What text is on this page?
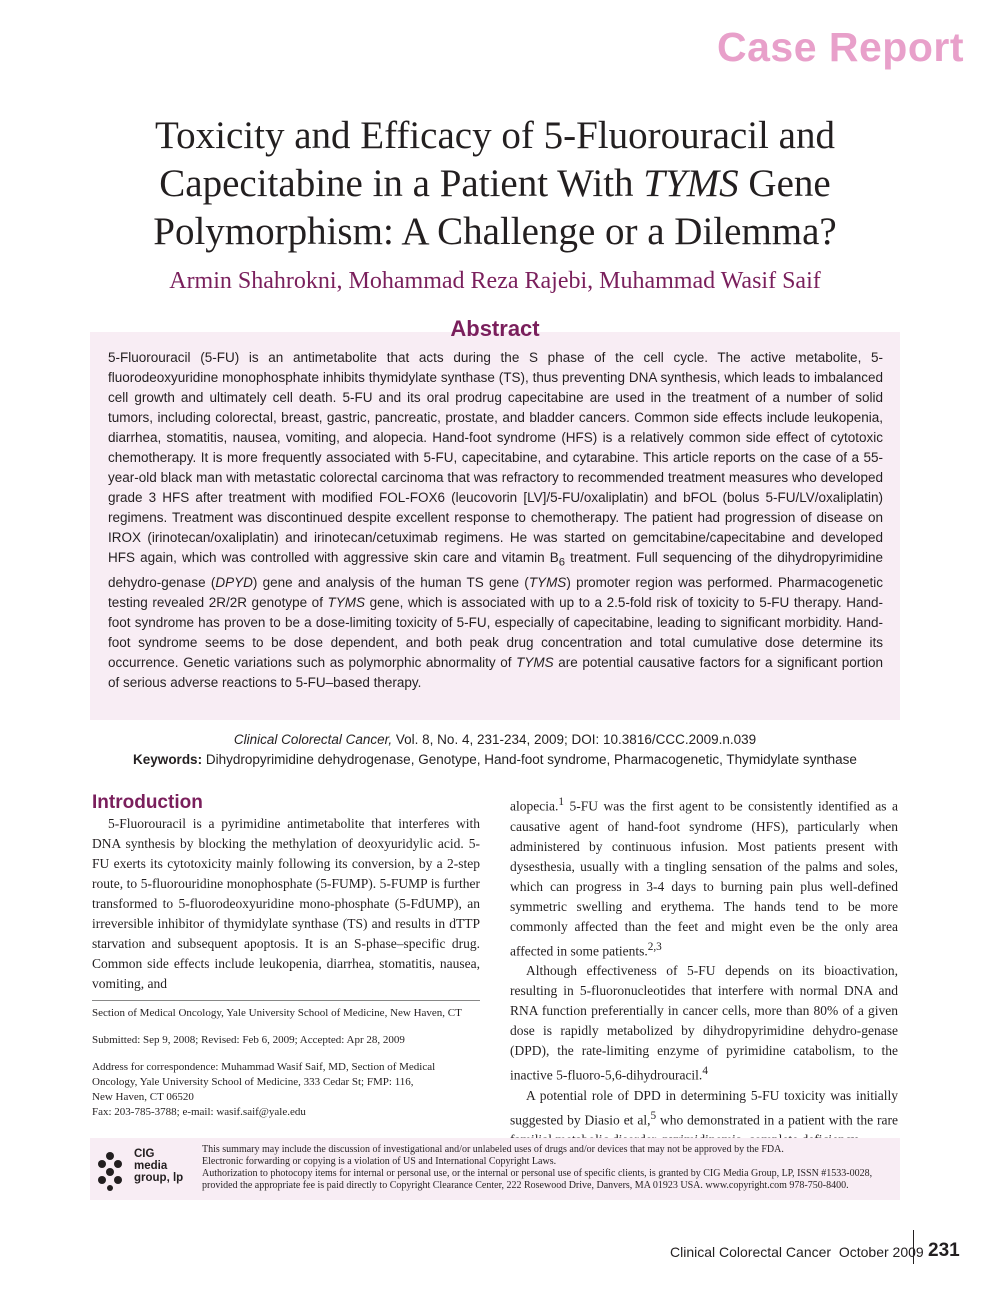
Case Report
Toxicity and Efficacy of 5-Fluorouracil and Capecitabine in a Patient With TYMS Gene Polymorphism: A Challenge or a Dilemma?
Armin Shahrokni, Mohammad Reza Rajebi, Muhammad Wasif Saif
Abstract
5-Fluorouracil (5-FU) is an antimetabolite that acts during the S phase of the cell cycle. The active metabolite, 5-fluorodeoxyuridine monophosphate inhibits thymidylate synthase (TS), thus preventing DNA synthesis, which leads to imbalanced cell growth and ultimately cell death. 5-FU and its oral prodrug capecitabine are used in the treatment of a number of solid tumors, including colorectal, breast, gastric, pancreatic, prostate, and bladder cancers. Common side effects include leukopenia, diarrhea, stomatitis, nausea, vomiting, and alopecia. Hand-foot syndrome (HFS) is a relatively common side effect of cytotoxic chemotherapy. It is more frequently associated with 5-FU, capecitabine, and cytarabine. This article reports on the case of a 55-year-old black man with metastatic colorectal carcinoma that was refractory to recommended treatment measures who developed grade 3 HFS after treatment with modified FOL-FOX6 (leucovorin [LV]/5-FU/oxaliplatin) and bFOL (bolus 5-FU/LV/oxaliplatin) regimens. Treatment was discontinued despite excellent response to chemotherapy. The patient had progression of disease on IROX (irinotecan/oxaliplatin) and irinotecan/cetuximab regimens. He was started on gemcitabine/capecitabine and developed HFS again, which was controlled with aggressive skin care and vitamin $B_6$ treatment. Full sequencing of the dihydropyrimidine dehydro-genase (DPYD) gene and analysis of the human TS gene (TYMS) promoter region was performed. Pharmacogenetic testing revealed 2R/2R genotype of TYMS gene, which is associated with up to a 2.5-fold risk of toxicity to 5-FU therapy. Hand-foot syndrome has proven to be a dose-limiting toxicity of 5-FU, especially of capecitabine, leading to significant morbidity. Hand-foot syndrome seems to be dose dependent, and both peak drug concentration and total cumulative dose determine its occurrence. Genetic variations such as polymorphic abnormality of TYMS are potential causative factors for a significant portion of serious adverse reactions to 5-FU–based therapy.
Clinical Colorectal Cancer, Vol. 8, No. 4, 231-234, 2009; DOI: 10.3816/CCC.2009.n.039
Keywords: Dihydropyrimidine dehydrogenase, Genotype, Hand-foot syndrome, Pharmacogenetic, Thymidylate synthase
Introduction

5-Fluorouracil is a pyrimidine antimetabolite that interferes with DNA synthesis by blocking the methylation of deoxyuridylic acid. 5-FU exerts its cytotoxicity mainly following its conversion, by a 2-step route, to 5-fluorouridine monophosphate (5-FUMP). 5-FUMP is further transformed to 5-fluorodeoxyuridine mono-phosphate (5-FdUMP), an irreversible inhibitor of thymidylate synthase (TS) and results in dTTP starvation and subsequent apoptosis. It is an S-phase–specific drug. Common side effects include leukopenia, diarrhea, stomatitis, nausea, vomiting, and

Section of Medical Oncology, Yale University School of Medicine, New Haven, CT
Submitted: Sep 9, 2008; Revised: Feb 6, 2009; Accepted: Apr 28, 2009
Address for correspondence: Muhammad Wasif Saif, MD, Section of Medical
Oncology, Yale University School of Medicine, 333 Cedar St; FMP: 116,
New Haven, CT 06520
Fax: 203-785-3788; e-mail: wasif.saif@yale.edu

alopecia.$^1$ 5-FU was the first agent to be consistently identified as a causative agent of hand-foot syndrome (HFS), particularly when administered by continuous infusion. Most patients present with dysesthesia, usually with a tingling sensation of the palms and soles, which can progress in 3-4 days to burning pain plus well-defined symmetric swelling and erythema. The hands tend to be more commonly affected than the feet and might even be the only area affected in some patients.$^{2,3}$

Although effectiveness of 5-FU depends on its bioactivation, resulting in 5-fluoronucleotides that interfere with normal DNA and RNA function preferentially in cancer cells, more than 80% of a given dose is rapidly metabolized by dihydropyrimidine dehydro-genase (DPD), the rate-limiting enzyme of pyrimidine catabolism, to the inactive 5-fluoro-5,6-dihydrouracil.$^4$

A potential role of DPD in determining 5-FU toxicity was initially suggested by Diasio et al,$^5$ who demonstrated in a patient with the rare

CIG
media
group, lp
This summary may include the discussion of investigational and/or unlabeled uses of drugs and/or devices that may not be approved by the FDA.
Electronic forwarding or copying is a violation of US and International Copyright Laws.
Authorization to photocopy items for internal or personal use, or the internal or personal use of specific clients, is granted by CIG Media Group, LP, ISSN #1533-0028, provided the appropriate fee is paid directly to Copyright Clearance Center, 222 Rosewood Drive, Danvers, MA 01923 USA. www.copyright.com 978-750-8400.
Clinical Colorectal Cancer October 2009 231
